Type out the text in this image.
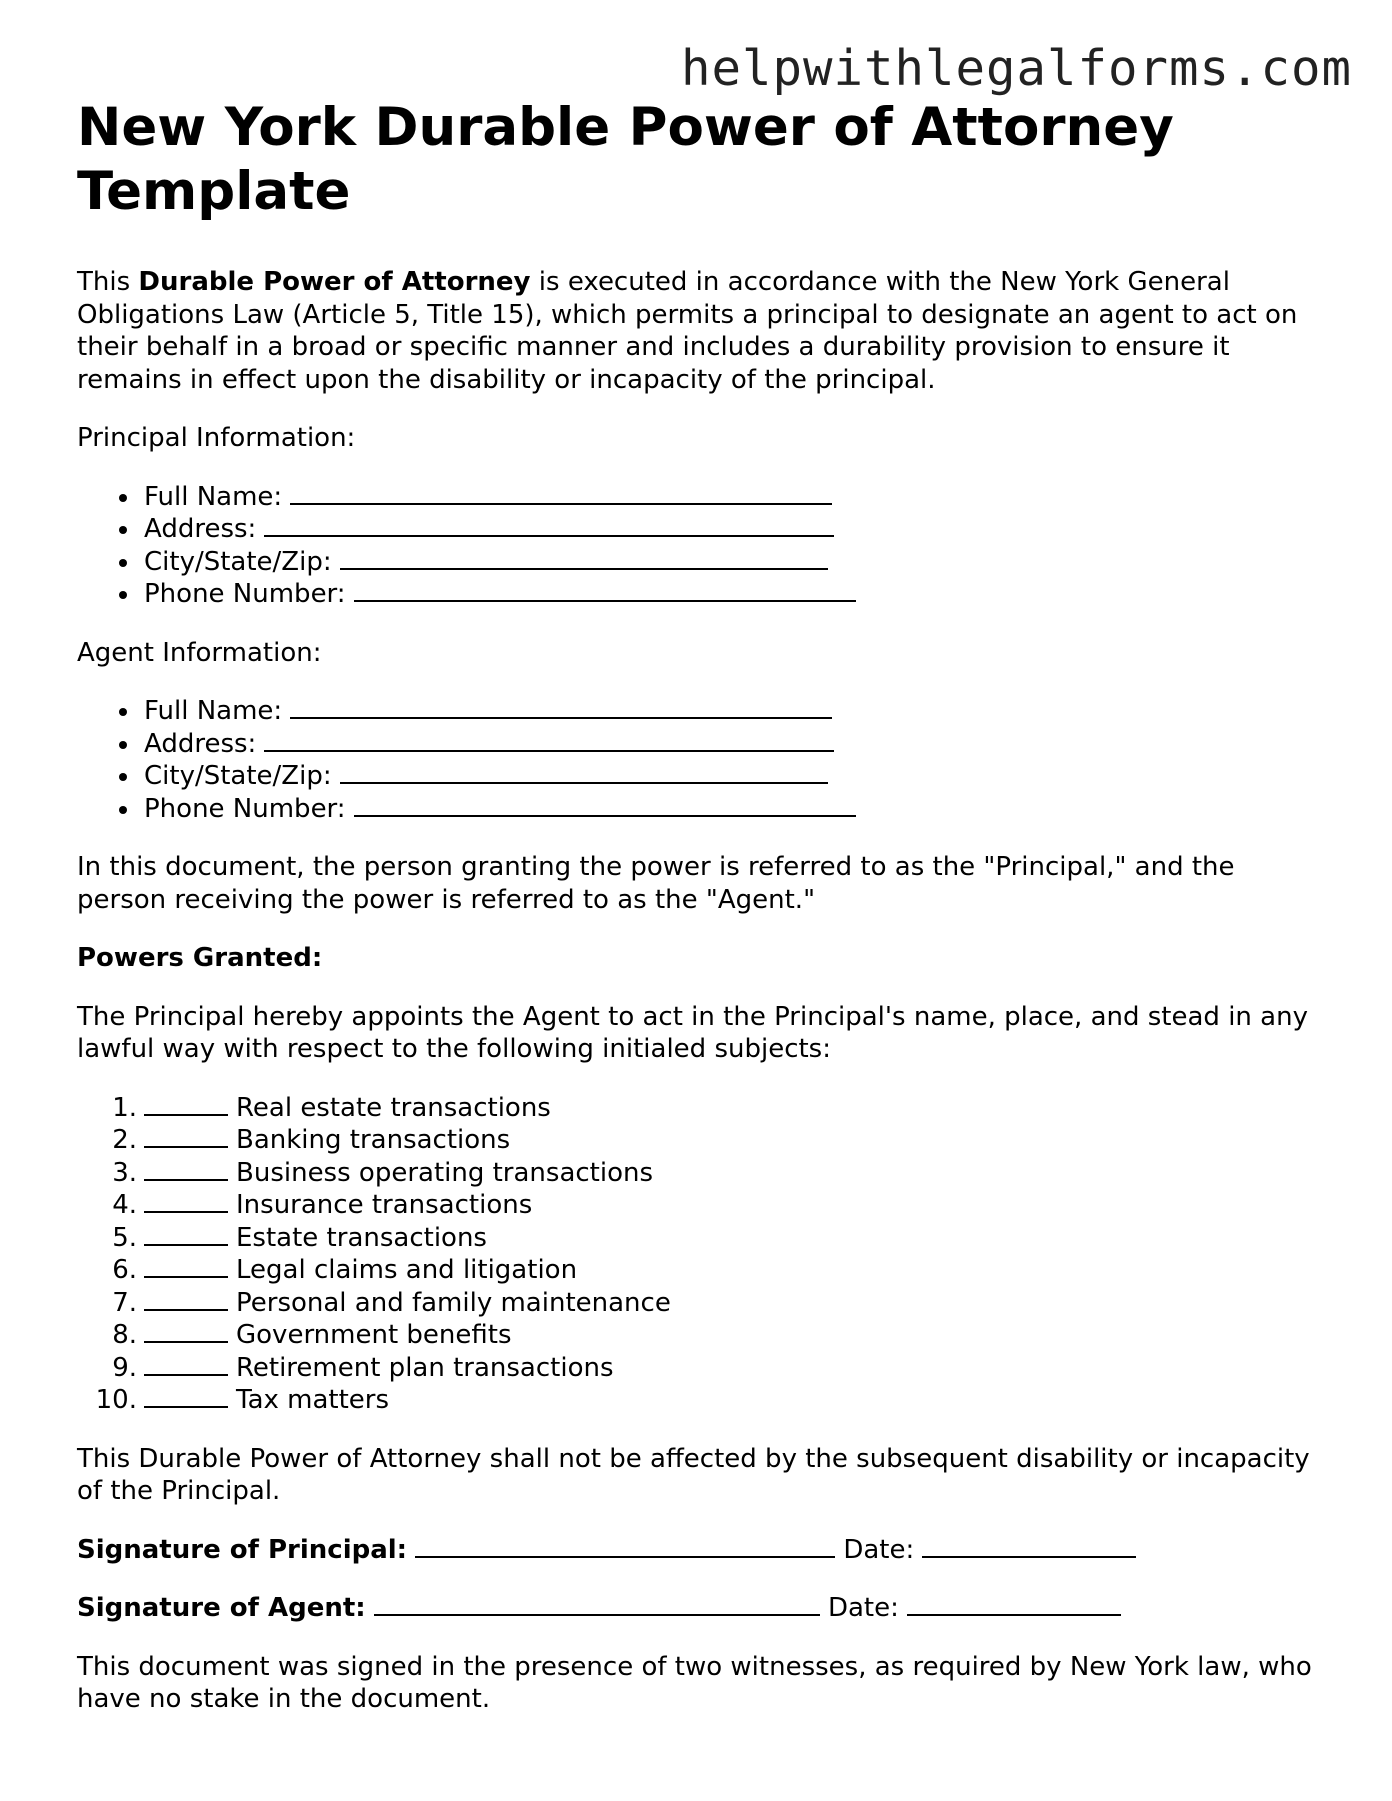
helpwithlegalforms.com
New York Durable Power of Attorney Template

This Durable Power of Attorney is executed in accordance with the New York General Obligations Law (Article 5, Title 15), which permits a principal to designate an agent to act on their behalf in a broad or specific manner and includes a durability provision to ensure it remains in effect upon the disability or incapacity of the principal.

Principal Information:

Full Name:
Address:
City/State/Zip:
Phone Number:

Agent Information:

Full Name:
Address:
City/State/Zip:
Phone Number:

In this document, the person granting the power is referred to as the "Principal," and the person receiving the power is referred to as the "Agent."

Powers Granted:

The Principal hereby appoints the Agent to act in the Principal's name, place, and stead in any lawful way with respect to the following initialed subjects:

1.	Real estate transactions
2.	Banking transactions
3.	Business operating transactions
4.	Insurance transactions
5.	Estate transactions
6.	Legal claims and litigation
7.	Personal and family maintenance
8.	Government benefits
9.	Retirement plan transactions
10.	Tax matters

This Durable Power of Attorney shall not be affected by the subsequent disability or incapacity of the Principal.

Signature of Principal:	Date:

Signature of Agent:	Date:

This document was signed in the presence of two witnesses, as required by New York law, who have no stake in the document.
